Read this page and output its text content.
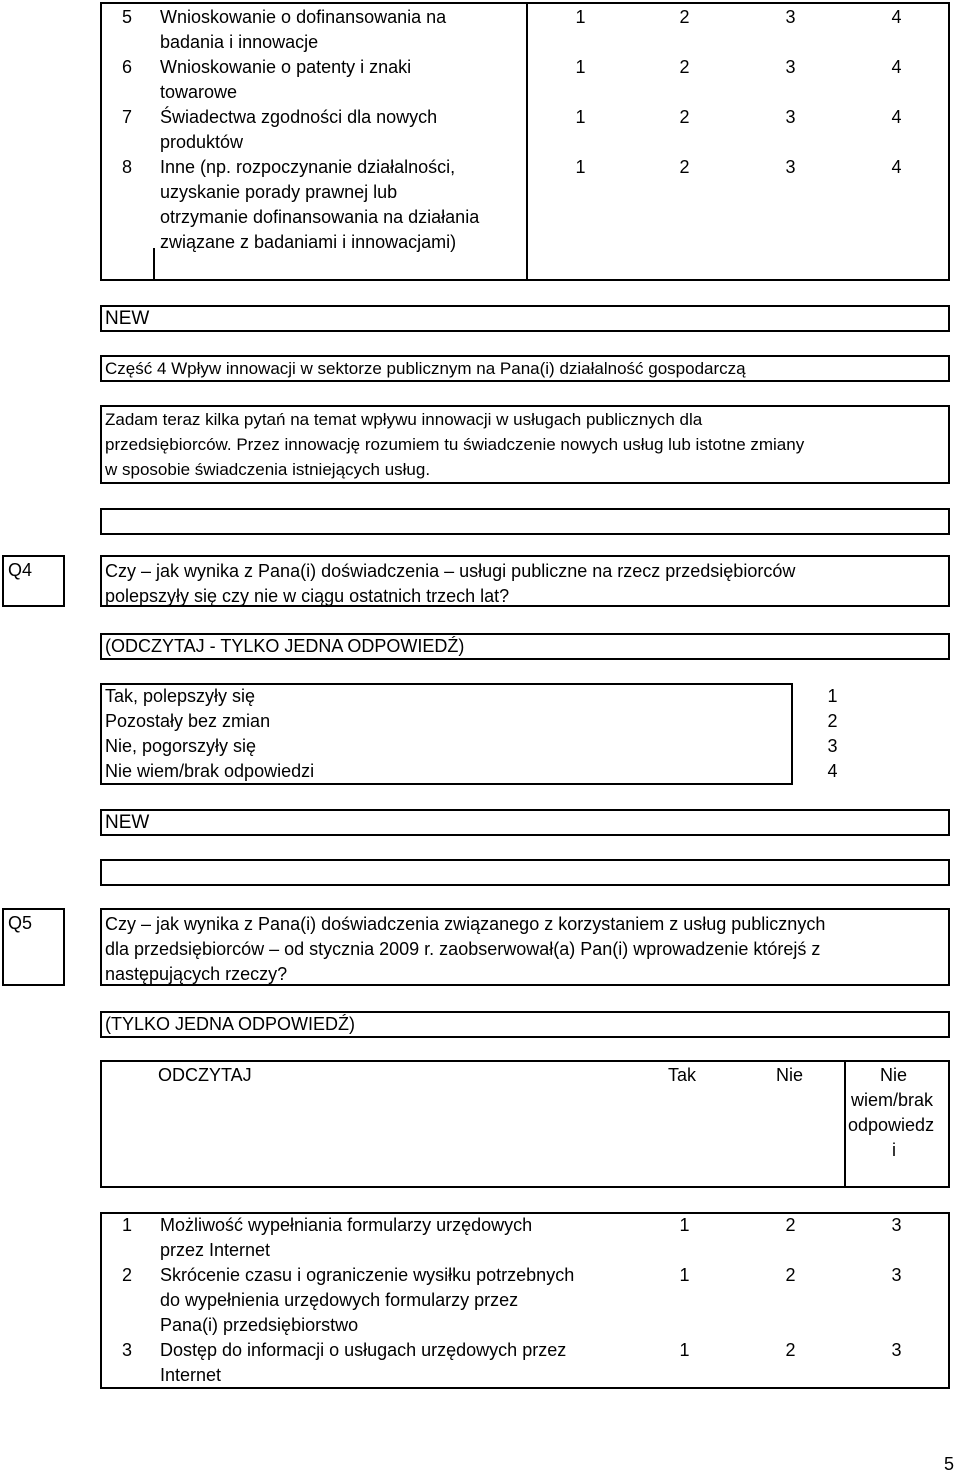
5 Wnioskowanie o dofinansowania na
badania i innowacje
1	2	3	4
6 Wnioskowanie o patenty i znaki
towarowe
1	2	3	4
7 Świadectwa zgodności dla nowych
produktów
1	2	3	4
8 Inne (np. rozpoczynanie działalności,
uzyskanie porady prawnej lub
otrzymanie dofinansowania na działania
związane z badaniami i innowacjami)
1	2	3	4
NEW
Część 4 Wpływ innowacji w sektorze publicznym na Pana(i) działalność gospodarczą
Zadam teraz kilka pytań na temat wpływu innowacji w usługach publicznych dla
przedsiębiorców. Przez innowację rozumiem tu świadczenie nowych usług lub istotne zmiany
w sposobie świadczenia istniejących usług.
Q4	Czy – jak wynika z Pana(i) doświadczenia – usługi publiczne na rzecz przedsiębiorców
polepszyły się czy nie w ciągu ostatnich trzech lat?
(ODCZYTAJ - TYLKO JEDNA ODPOWIEDŹ)
Tak, polepszyły się	1
Pozostały bez zmian	2
Nie, pogorszyły się	3
Nie wiem/brak odpowiedzi	4
NEW
Q5	Czy – jak wynika z Pana(i) doświadczenia związanego z korzystaniem z usług publicznych
dla przedsiębiorców – od stycznia 2009 r. zaobserwował(a) Pan(i) wprowadzenie którejś z
następujących rzeczy?
(TYLKO JEDNA ODPOWIEDŹ)
ODCZYTAJ	Tak	Nie	Nie
wiem/brak
odpowiedz
i
1 Możliwość wypełniania formularzy urzędowych
przez Internet
1	2	3
2 Skrócenie czasu i ograniczenie wysiłku potrzebnych
do wypełnienia urzędowych formularzy przez
Pana(i) przedsiębiorstwo
1	2	3
3 Dostęp do informacji o usługach urzędowych przez
Internet
1	2	3
5
